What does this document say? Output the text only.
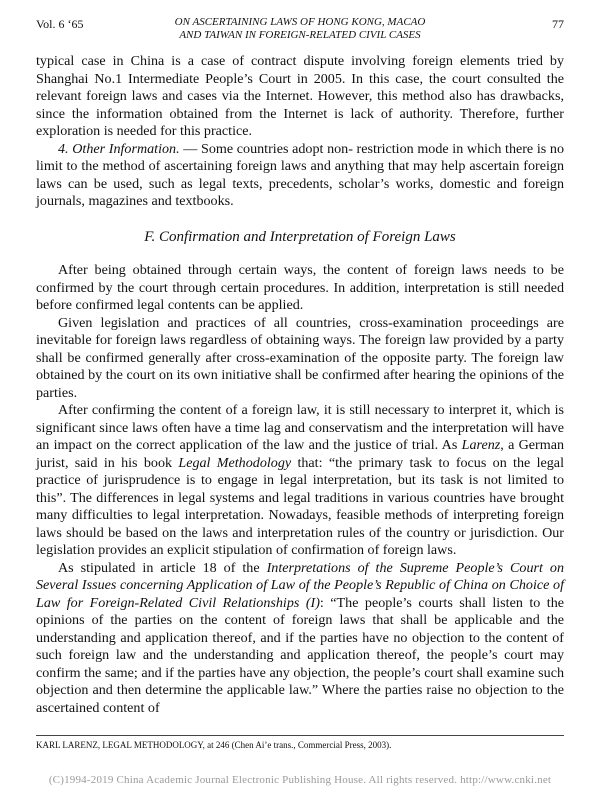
Vol. 6 ‘65	ON ASCERTAINING LAWS OF HONG KONG, MACAO
AND TAIWAN IN FOREIGN-RELATED CIVIL CASES
77

typical case in China is a case of contract dispute involving foreign elements tried by Shanghai No.1 Intermediate People’s Court in 2005. In this case, the court consulted the relevant foreign laws and cases via the Internet. However, this method also has drawbacks, since the information obtained from the Internet is lack of authority. Therefore, further exploration is needed for this practice.

4. Other Information. — Some countries adopt non- restriction mode in which there is no limit to the method of ascertaining foreign laws and anything that may help ascertain foreign laws can be used, such as legal texts, precedents, scholar’s works, domestic and foreign journals, magazines and textbooks.

F. Confirmation and Interpretation of Foreign Laws

After being obtained through certain ways, the content of foreign laws needs to be confirmed by the court through certain procedures. In addition, interpretation is still needed before confirmed legal contents can be applied.

Given legislation and practices of all countries, cross-examination proceedings are inevitable for foreign laws regardless of obtaining ways. The foreign law provided by a party shall be confirmed generally after cross-examination of the opposite party. The foreign law obtained by the court on its own initiative shall be confirmed after hearing the opinions of the parties.

After confirming the content of a foreign law, it is still necessary to interpret it, which is significant since laws often have a time lag and conservatism and the interpretation will have an impact on the correct application of the law and the justice of trial. As Larenz, a German jurist, said in his book Legal Methodology that: “the primary task to focus on the legal practice of jurisprudence is to engage in legal interpretation, but its task is not limited to this”. The differences in legal systems and legal traditions in various countries have brought many difficulties to legal interpretation. Nowadays, feasible methods of interpreting foreign laws should be based on the laws and interpretation rules of the country or jurisdiction. Our legislation provides an explicit stipulation of confirmation of foreign laws.

As stipulated in article 18 of the Interpretations of the Supreme People’s Court on Several Issues concerning Application of Law of the People’s Republic of China on Choice of Law for Foreign-Related Civil Relationships (I): “The people’s courts shall listen to the opinions of the parties on the content of foreign laws that shall be applicable and the understanding and application thereof, and if the parties have no objection to the content of such foreign law and the understanding and application thereof, the people’s court may confirm the same; and if the parties have any objection, the people’s court shall examine such objection and then determine the applicable law.” Where the parties raise no objection to the ascertained content of

KARL LARENZ, LEGAL METHODOLOGY, at 246 (Chen Ai’e trans., Commercial Press, 2003).
(C)1994-2019 China Academic Journal Electronic Publishing House. All rights reserved. http://www.cnki.net
